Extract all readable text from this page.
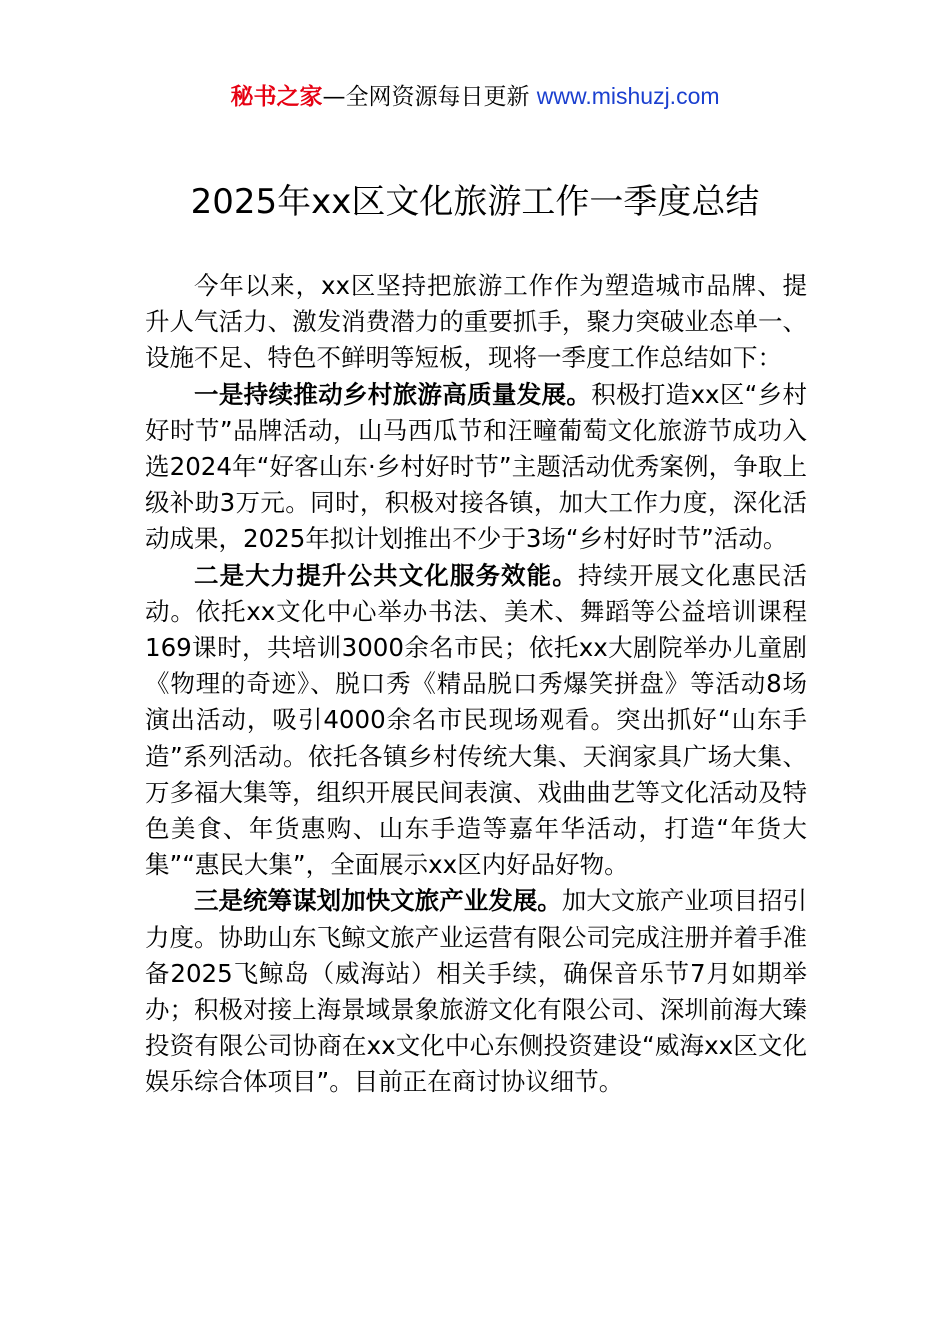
秘书之家—全网资源每日更新 www.mishuzj.com
2025年xx区文化旅游工作一季度总结

今年以来，xx区坚持把旅游工作作为塑造城市品牌、提升人气活力、激发消费潜力的重要抓手，聚力突破业态单一、设施不足、特色不鲜明等短板，现将一季度工作总结如下：

一是持续推动乡村旅游高质量发展。积极打造xx区“乡村好时节”品牌活动，山马西瓜节和汪疃葡萄文化旅游节成功入选2024年“好客山东·乡村好时节”主题活动优秀案例，争取上级补助3万元。同时，积极对接各镇，加大工作力度，深化活动成果，2025年拟计划推出不少于3场“乡村好时节”活动。

二是大力提升公共文化服务效能。持续开展文化惠民活动。依托xx文化中心举办书法、美术、舞蹈等公益培训课程169课时，共培训3000余名市民；依托xx大剧院举办儿童剧《物理的奇迹》、脱口秀《精品脱口秀爆笑拼盘》等活动8场演出活动，吸引4000余名市民现场观看。突出抓好“山东手造”系列活动。依托各镇乡村传统大集、天润家具广场大集、万多福大集等，组织开展民间表演、戏曲曲艺等文化活动及特色美食、年货惠购、山东手造等嘉年华活动，打造“年货大集”“惠民大集”，全面展示xx区内好品好物。

三是统筹谋划加快文旅产业发展。加大文旅产业项目招引力度。协助山东飞鲸文旅产业运营有限公司完成注册并着手准备2025飞鲸岛（威海站）相关手续，确保音乐节7月如期举办；积极对接上海景域景象旅游文化有限公司、深圳前海大臻投资有限公司协商在xx文化中心东侧投资建设“威海xx区文化娱乐综合体项目”。目前正在商讨协议细节。
